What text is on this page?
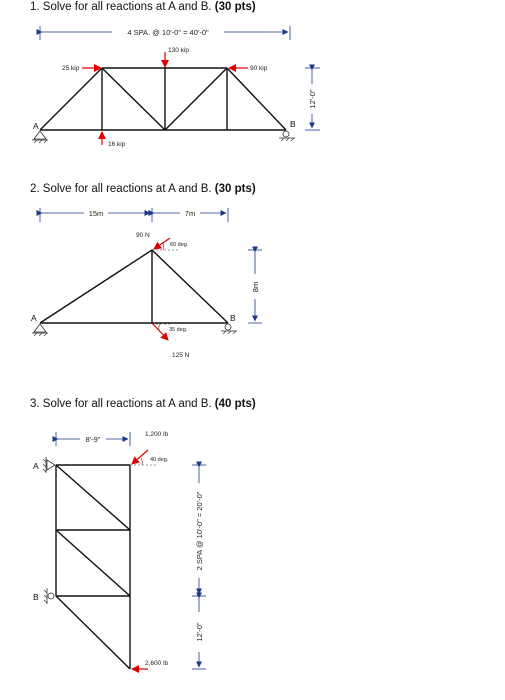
1. Solve for all reactions at A and B. (30 pts)
2. Solve for all reactions at A and B. (30 pts)
3. Solve for all reactions at A and B. (40 pts)
4 SPA. @ 10'-0" = 40'-0"
130 kip
25 kip	90 kip
16 kip
A	B
12'-0"
15m	7m
90 N
60 deg.
35 deg.
125 N
A	B
8m
8'-9"
1,200 lb
40 deg.
2,600 lb
A
B
2 SPA @ 10'-0" = 20'-0"
12'-0"
